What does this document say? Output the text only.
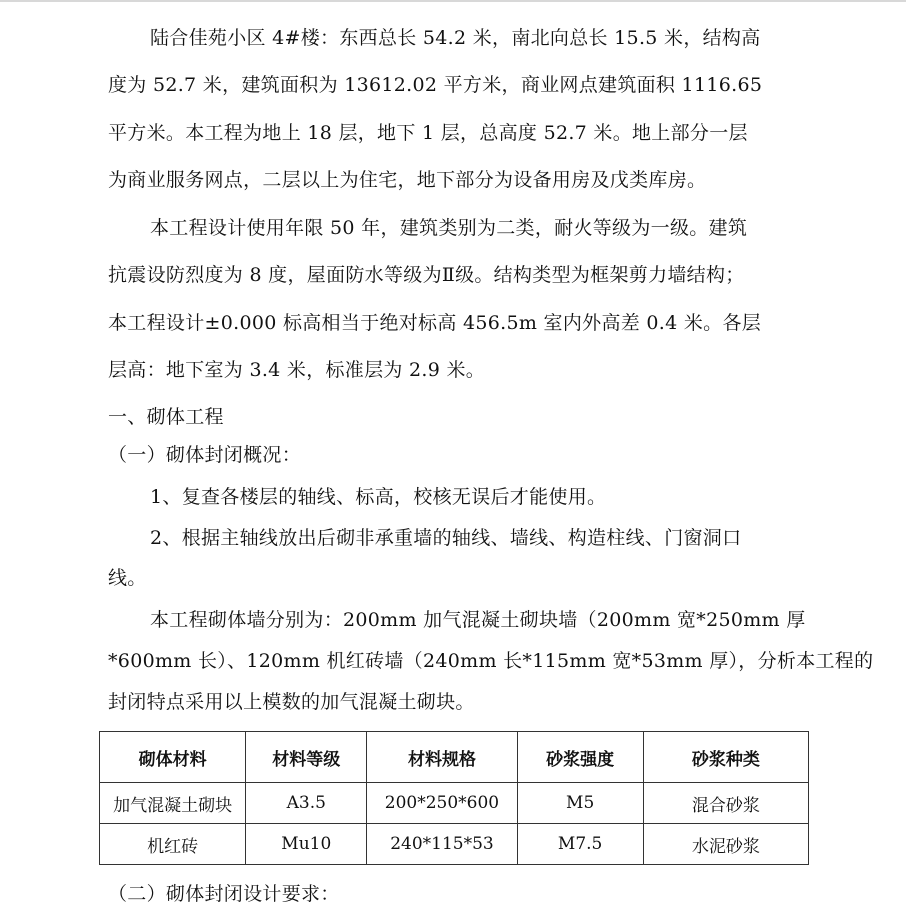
陆合佳苑小区 4#楼：东西总长 54.2 米，南北向总长 15.5 米，结构高
度为 52.7 米，建筑面积为 13612.02 平方米，商业网点建筑面积 1116.65
平方米。本工程为地上 18 层，地下 1 层，总高度 52.7 米。地上部分一层
为商业服务网点，二层以上为住宅，地下部分为设备用房及戊类库房。
本工程设计使用年限 50 年，建筑类别为二类，耐火等级为一级。建筑
抗震设防烈度为 8 度，屋面防水等级为Ⅱ级。结构类型为框架剪力墙结构；
本工程设计±0.000 标高相当于绝对标高 456.5m 室内外高差 0.4 米。各层
层高：地下室为 3.4 米，标准层为 2.9 米。
一、砌体工程
（一）砌体封闭概况：
1、复查各楼层的轴线、标高，校核无误后才能使用。
2、根据主轴线放出后砌非承重墙的轴线、墙线、构造柱线、门窗洞口
线。
本工程砌体墙分别为：200mm 加气混凝土砌块墙（200mm 宽*250mm 厚
*600mm 长）、120mm 机红砖墙（240mm 长*115mm 宽*53mm 厚），分析本工程的
封闭特点采用以上模数的加气混凝土砌块。
砌体材料	材料等级	材料规格	砂浆强度	砂浆种类
加气混凝土砌块	A3.5	200*250*600	M5	混合砂浆
机红砖	Mu10	240*115*53	M7.5	水泥砂浆
（二）砌体封闭设计要求：
